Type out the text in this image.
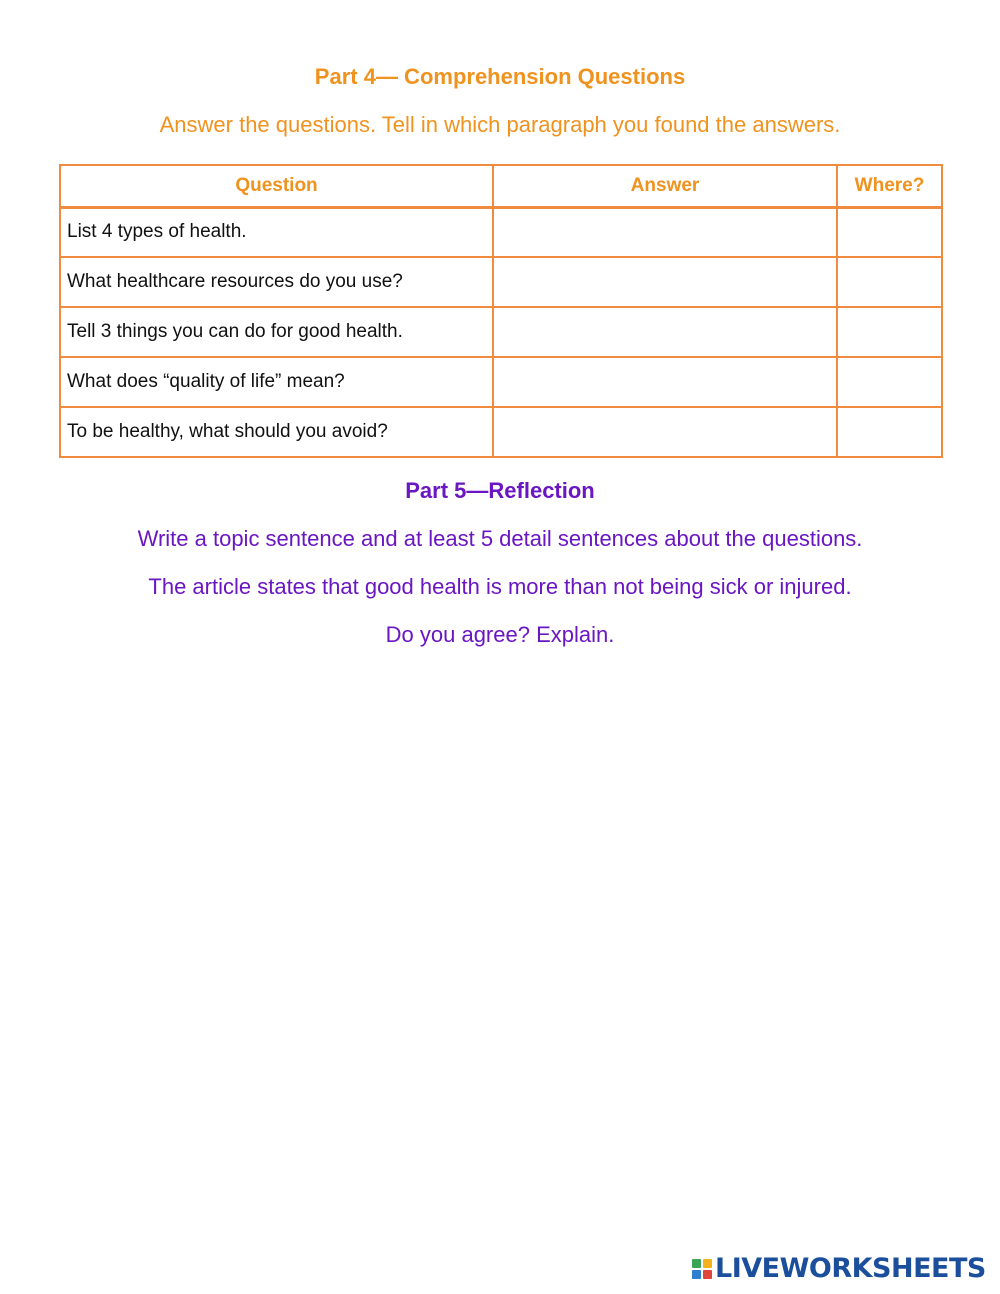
Part 4— Comprehension Questions
Answer the questions. Tell in which paragraph you found the answers.
Question	Answer	Where?
List 4 types of health.		
What healthcare resources do you use?		
Tell 3 things you can do for good health.		
What does “quality of life” mean?		
To be healthy, what should you avoid?		
Part 5—Reflection
Write a topic sentence and at least 5 detail sentences about the questions.
The article states that good health is more than not being sick or injured.
Do you agree? Explain.
LIVEWORKSHEETS
